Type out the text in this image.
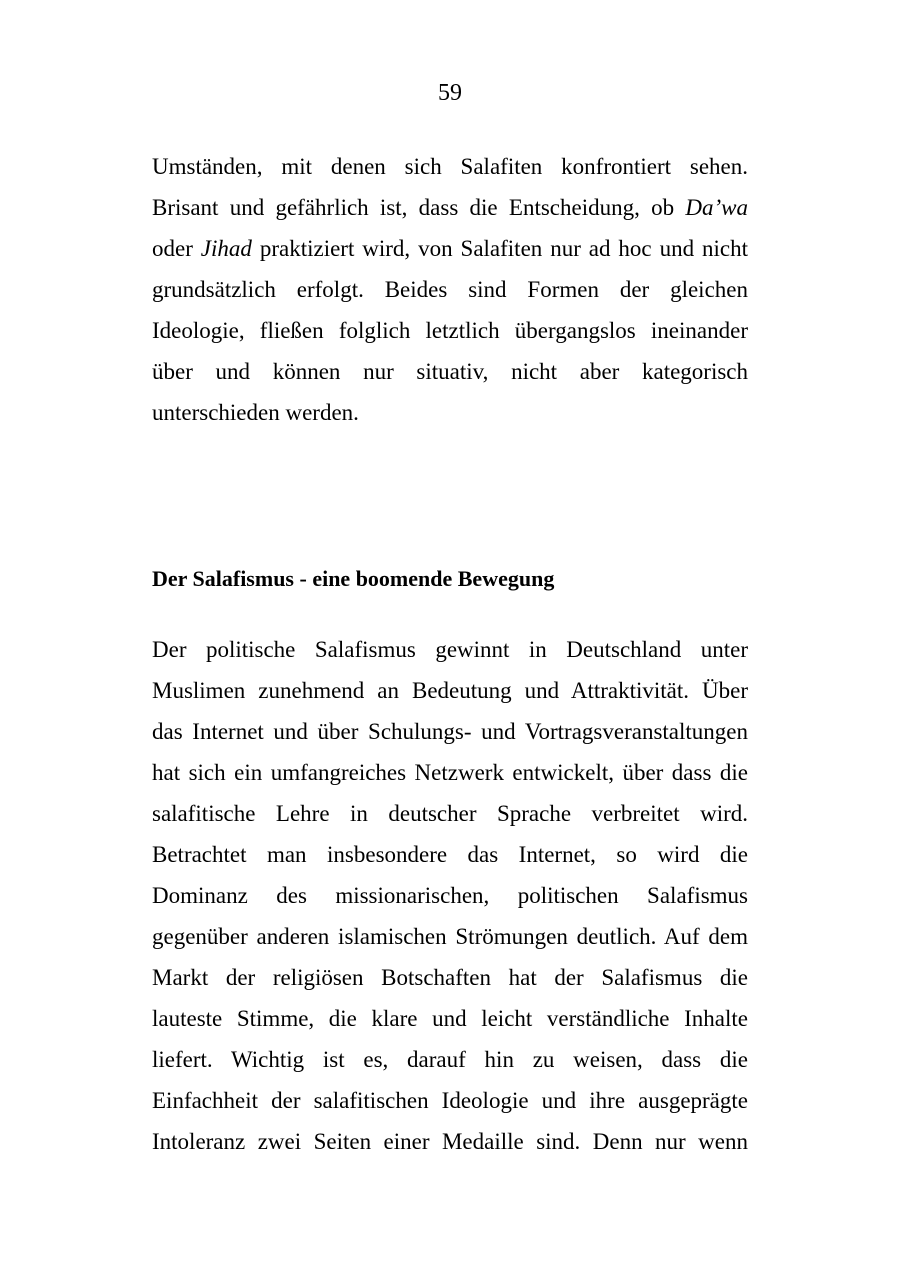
59

Umständen, mit denen sich Salafiten konfrontiert sehen.
Brisant und gefährlich ist, dass die Entscheidung, ob Da’wa
oder Jihad praktiziert wird, von Salafiten nur ad hoc und nicht
grundsätzlich erfolgt. Beides sind Formen der gleichen
Ideologie, fließen folglich letztlich übergangslos ineinander
über und können nur situativ, nicht aber kategorisch
unterschieden werden.

Der Salafismus - eine boomende Bewegung

Der politische Salafismus gewinnt in Deutschland unter
Muslimen zunehmend an Bedeutung und Attraktivität. Über
das Internet und über Schulungs- und Vortragsveranstaltungen
hat sich ein umfangreiches Netzwerk entwickelt, über dass die
salafitische Lehre in deutscher Sprache verbreitet wird.
Betrachtet man insbesondere das Internet, so wird die
Dominanz des missionarischen, politischen Salafismus
gegenüber anderen islamischen Strömungen deutlich. Auf dem
Markt der religiösen Botschaften hat der Salafismus die
lauteste Stimme, die klare und leicht verständliche Inhalte
liefert. Wichtig ist es, darauf hin zu weisen, dass die
Einfachheit der salafitischen Ideologie und ihre ausgeprägte
Intoleranz zwei Seiten einer Medaille sind. Denn nur wenn
